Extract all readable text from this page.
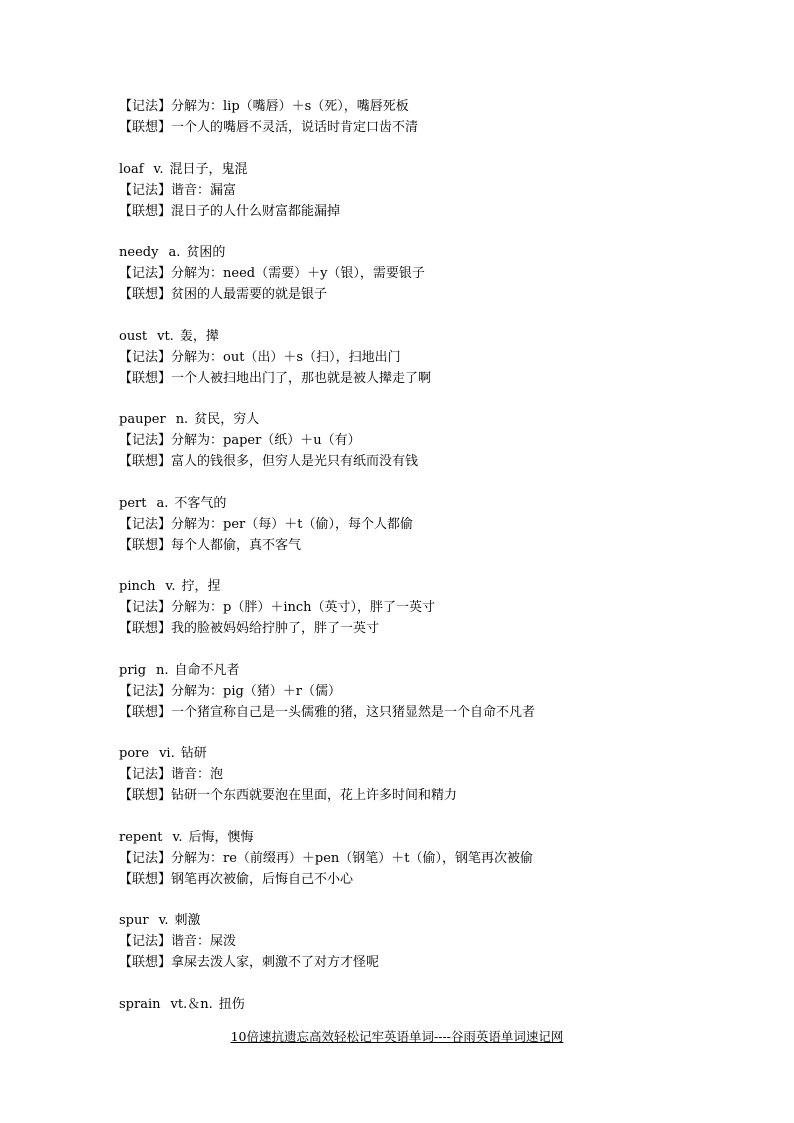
【记法】分解为：lip（嘴唇）＋s（死），嘴唇死板
【联想】一个人的嘴唇不灵活，说话时肯定口齿不清
loaf v. 混日子，鬼混
【记法】谐音：漏富
【联想】混日子的人什么财富都能漏掉
needy a. 贫困的
【记法】分解为：need（需要）＋y（银），需要银子
【联想】贫困的人最需要的就是银子
oust vt. 轰，撵
【记法】分解为：out（出）＋s（扫），扫地出门
【联想】一个人被扫地出门了，那也就是被人撵走了啊
pauper n. 贫民，穷人
【记法】分解为：paper（纸）＋u（有）
【联想】富人的钱很多，但穷人是光只有纸而没有钱
pert a. 不客气的
【记法】分解为：per（每）＋t（偷），每个人都偷
【联想】每个人都偷，真不客气
pinch v. 拧，捏
【记法】分解为：p（胖）＋inch（英寸），胖了一英寸
【联想】我的脸被妈妈给拧肿了，胖了一英寸
prig n. 自命不凡者
【记法】分解为：pig（猪）＋r（儒）
【联想】一个猪宣称自己是一头儒雅的猪，这只猪显然是一个自命不凡者
pore vi. 钻研
【记法】谐音：泡
【联想】钻研一个东西就要泡在里面，花上许多时间和精力
repent v. 后悔，懊悔
【记法】分解为：re（前缀再）＋pen（钢笔）＋t（偷），钢笔再次被偷
【联想】钢笔再次被偷，后悔自己不小心
spur v. 刺激
【记法】谐音：屎泼
【联想】拿屎去泼人家，刺激不了对方才怪呢
sprain vt.＆n. 扭伤
10倍速抗遗忘高效轻松记牢英语单词----谷雨英语单词速记网
